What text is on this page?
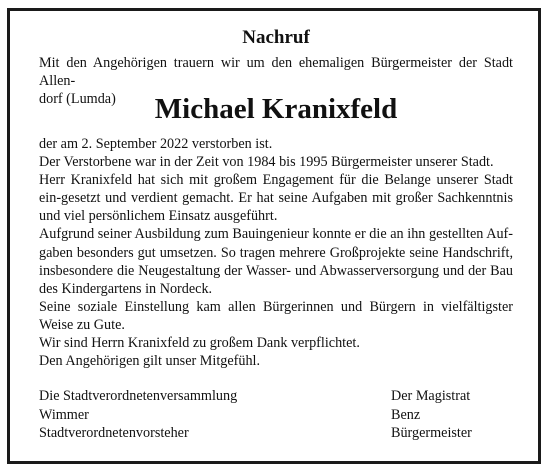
Nachruf
Mit den Angehörigen trauern wir um den ehemaligen Bürgermeister der Stadt Allen-
dorf (Lumda)	Michael Kranixfeld

der am 2. September 2022 verstorben ist.

Der Verstorbene war in der Zeit von 1984 bis 1995 Bürgermeister unserer Stadt.

Herr Kranixfeld hat sich mit großem Engagement für die Belange unserer Stadt ein-gesetzt und verdient gemacht. Er hat seine Aufgaben mit großer Sachkenntnis und viel persönlichem Einsatz ausgeführt.

Aufgrund seiner Ausbildung zum Bauingenieur konnte er die an ihn gestellten Auf-gaben besonders gut umsetzen. So tragen mehrere Großprojekte seine Handschrift, insbesondere die Neugestaltung der Wasser- und Abwasserversorgung und der Bau des Kindergartens in Nordeck.

Seine soziale Einstellung kam allen Bürgerinnen und Bürgern in vielfältigster Weise zu Gute.

Wir sind Herrn Kranixfeld zu großem Dank verpflichtet.

Den Angehörigen gilt unser Mitgefühl.

Die Stadtverordnetenversammlung
Wimmer
Stadtverordnetenvorsteher
Der Magistrat
Benz
Bürgermeister
